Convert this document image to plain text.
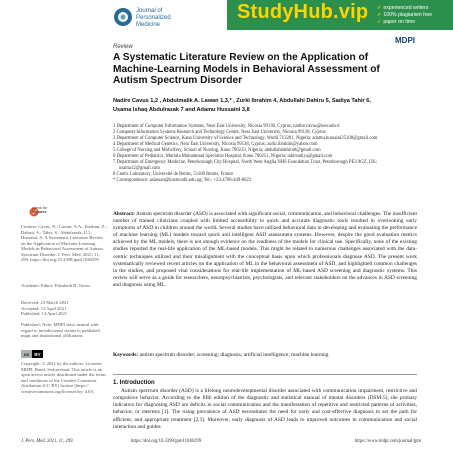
Journal of
Personalized
Medicine
StudyHub.vip ✓ experienced writers
✓ 100% plagiarism free
✓ paper on time
MDPI
Review
A Systematic Literature Review on the Application of Machine-Learning Models in Behavioral Assessment of Autism Spectrum Disorder
Nadire Cavus 1,2 , Abdulmalik A. Lawan 1,3,* , Zurki Ibrahim 4, Abdullahi Dahiru 5, Sadiya Tahir 6,
Usama Ishaq Abdulrazak 7 and Adamu Hussaini 3,8
1 Department of Computer Information Systems, Near East University, Nicosia 99138, Cyprus; nadire.cavus@neu.edu.tr
2 Computer Information Systems Research and Technology Centre, Near East University, Nicosia 99138, Cyprus
3 Department of Computer Science, Kano University of Science and Technology, Wudil 713281, Nigeria; adamu.hussaini25108@gmail.com
4 Department of Medical Genetics, Near East University, Nicosia 99138, Cyprus; zurki.ibrahim@yahoo.com
5 College of Nursing and Midwifery, School of Nursing, Kano 700233, Nigeria; abdullahidahiru8@gmail.com
6 Department of Pediatrics, Murtala Muhammad Specialist Hospital, Kano 700251, Nigeria; tahirsadiya@gmail.com
7 Department of Emergency Medicine, Peterborough City Hospital, North West Anglia NHS Foundation Trust, Peterborough PE3 9GZ, UK; usama12@gmail.com
8 Cnetic Laboratory, Université de Reims, 51100 Reims, France
* Correspondence: aalawan@kustwudil.edu.ng; Tel.: +23-4706-449-8622
check for
updates
Citation: Cavus, N.; Lawan, A.A.; Ibrahim, Z.; Dahiru, A.; Tahir, S.; Abdulrazak, U.I.; Hussaini, A. A Systematic Literature Review on the Application of Machine-Learning Models in Behavioral Assessment of Autism Spectrum Disorder. J. Pers. Med. 2021, 11, 299. https://doi.org/10.3390/jpm11040299
Academic Editor: Elizabeth B. Torres
Received: 23 March 2021
Accepted: 12 April 2021
Published: 14 April 2021
Publisher's Note: MDPI stays neutral with regard to jurisdictional claims in published maps and institutional affiliations.
cc BY
Copyright: © 2021 by the authors. Licensee MDPI, Basel, Switzerland. This article is an open access article distributed under the terms and conditions of the Creative Commons Attribution (CC BY) license (https:// creativecommons.org/licenses/by/ 4.0/).
Abstract: Autism spectrum disorder (ASD) is associated with significant social, communication, and behavioral challenges. The insufficient number of trained clinicians coupled with limited accessibility to quick and accurate diagnostic tools resulted in overlooking early symptoms of ASD in children around the world. Several studies have utilized behavioral data in developing and evaluating the performance of machine learning (ML) models toward quick and intelligent ASD assessment systems. However, despite the good evaluation metrics achieved by the ML models, there is not enough evidence on the readiness of the models for clinical use. Specifically, none of the existing studies reported the real-life application of the ML-based models. This might be related to numerous challenges associated with the data-centric techniques utilized and their misalignment with the conceptual basis upon which professionals diagnose ASD. The present work systematically reviewed recent articles on the application of ML in the behavioral assessment of ASD, and highlighted common challenges in the studies, and proposed vital considerations for real-life implementation of ML-based ASD screening and diagnostic systems. This review will serve as a guide for researchers, neuropsychiatrists, psychologists, and relevant stakeholders on the advances in ASD screening and diagnosis using ML.
Keywords: autism spectrum disorder; screening; diagnosis; artificial intelligence; machine learning
1. Introduction
Autism spectrum disorder (ASD) is a lifelong neurodevelopmental disorder associated with communication impairment, restrictive and compulsive behavior. According to the fifth edition of the diagnostic and statistical manual of mental disorders (DSM-5), the primary indicators for diagnosing ASD are deficits in social communication and the manifestation of repetitive and restricted patterns of activities, behavior, or interests [1]. The rising prevalence of ASD necessitates the need for early and cost-effective diagnosis to set the path for efficient, and appropriate treatment [2,3]. Moreover, early diagnosis of ASD leads to improved outcomes in communication and social interaction and guides
J. Pers. Med. 2021, 11, 299.	https://doi.org/10.3390/jpm11040299	https://www.mdpi.com/journal/jpm
